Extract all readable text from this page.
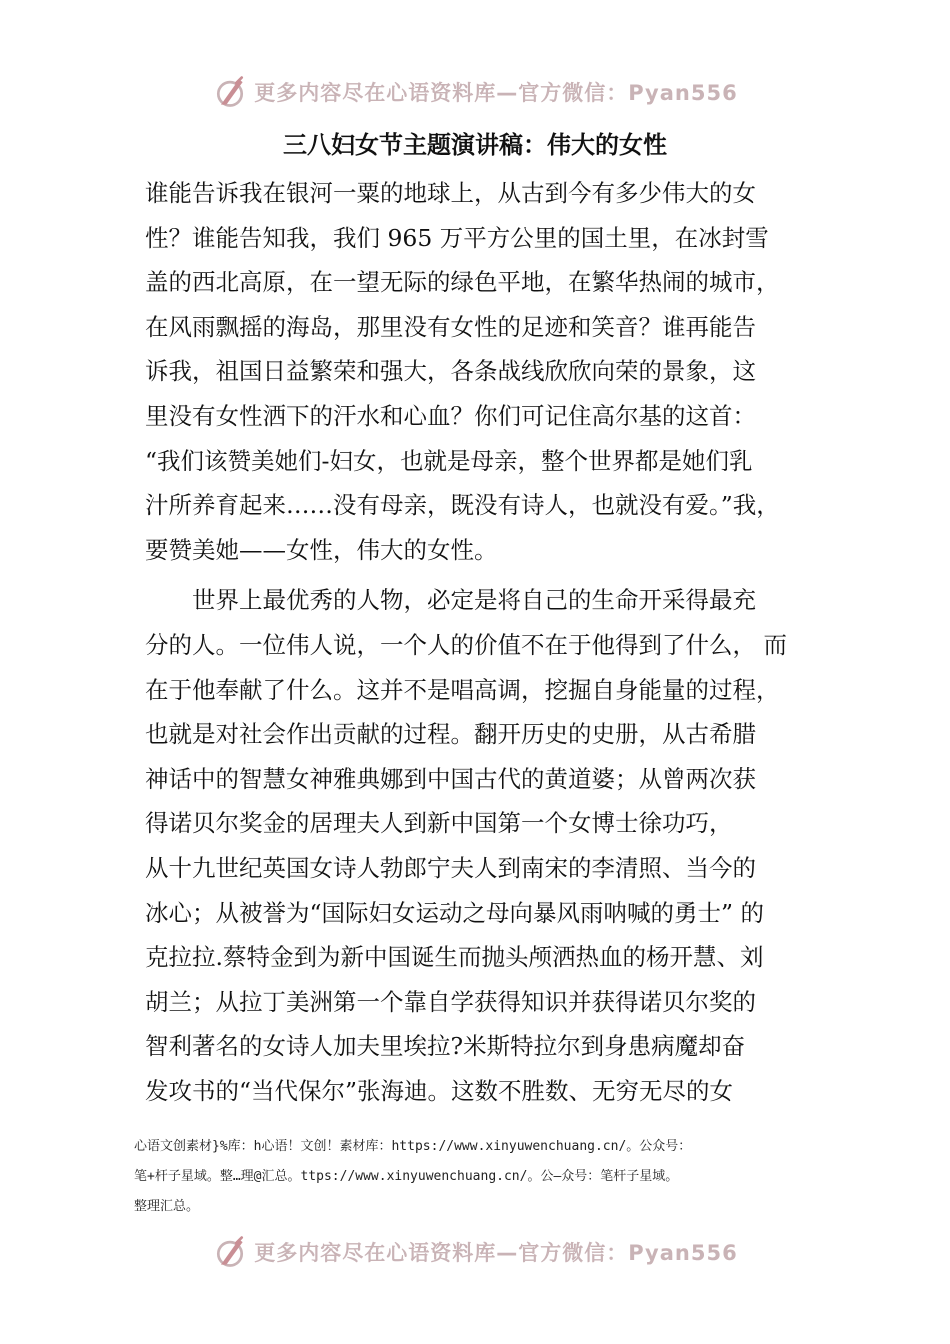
更多内容尽在心语资料库—官方微信：Pyan556
三八妇女节主题演讲稿：伟大的女性
谁能告诉我在银河一粟的地球上，从古到今有多少伟大的女
性？谁能告知我，我们 965 万平方公里的国土里，在冰封雪
盖的西北高原，在一望无际的绿色平地，在繁华热闹的城市，
在风雨飘摇的海岛，那里没有女性的足迹和笑音？谁再能告
诉我，祖国日益繁荣和强大，各条战线欣欣向荣的景象，这
里没有女性洒下的汗水和心血？你们可记住高尔基的这首：
“我们该赞美她们-妇女，也就是母亲，整个世界都是她们乳
汁所养育起来……没有母亲，既没有诗人，也就没有爱。”我，
要赞美她——女性，伟大的女性。
世界上最优秀的人物，必定是将自己的生命开采得最充
分的人。一位伟人说，一个人的价值不在于他得到了什么， 而
在于他奉献了什么。这并不是唱高调，挖掘自身能量的过程，
也就是对社会作出贡献的过程。翻开历史的史册，从古希腊
神话中的智慧女神雅典娜到中国古代的黄道婆；从曾两次获
得诺贝尔奖金的居理夫人到新中国第一个女博士徐功巧，
从十九世纪英国女诗人勃郎宁夫人到南宋的李清照、当今的
冰心；从被誉为“国际妇女运动之母向暴风雨呐喊的勇士” 的
克拉拉.蔡特金到为新中国诞生而抛头颅洒热血的杨开慧、刘
胡兰；从拉丁美洲第一个靠自学获得知识并获得诺贝尔奖的
智利著名的女诗人加夫里埃拉?米斯特拉尔到身患病魔却奋
发攻书的“当代保尔”张海迪。这数不胜数、无穷无尽的女
心语文创素材}%库：h心语！文创！素材库：https://www.xinyuwenchuang.cn/。公众号：
笔+杆子星域。整…理@汇总。ttps://www.xinyuwenchuang.cn/。公—众号：笔杆子星域。
整理汇总。
更多内容尽在心语资料库—官方微信：Pyan556
